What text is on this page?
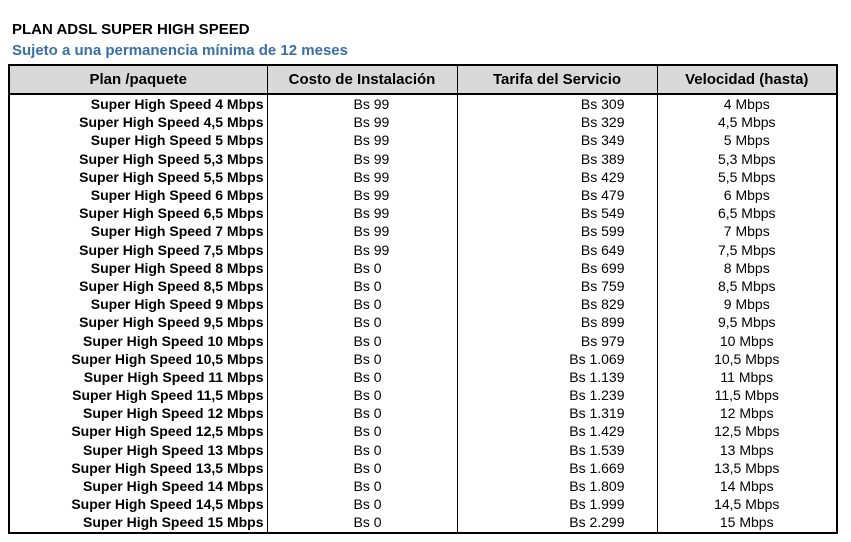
PLAN ADSL SUPER HIGH SPEED
Sujeto a una permanencia mínima de 12 meses
Plan /paquete	Costo de Instalación	Tarifa del Servicio	Velocidad (hasta)
Super High Speed 4 Mbps	Bs 99	Bs 309	4 Mbps
Super High Speed 4,5 Mbps	Bs 99	Bs 329	4,5 Mbps
Super High Speed 5 Mbps	Bs 99	Bs 349	5 Mbps
Super High Speed 5,3 Mbps	Bs 99	Bs 389	5,3 Mbps
Super High Speed 5,5 Mbps	Bs 99	Bs 429	5,5 Mbps
Super High Speed 6 Mbps	Bs 99	Bs 479	6 Mbps
Super High Speed 6,5 Mbps	Bs 99	Bs 549	6,5 Mbps
Super High Speed 7 Mbps	Bs 99	Bs 599	7 Mbps
Super High Speed 7,5 Mbps	Bs 99	Bs 649	7,5 Mbps
Super High Speed 8 Mbps	Bs 0	Bs 699	8 Mbps
Super High Speed 8,5 Mbps	Bs 0	Bs 759	8,5 Mbps
Super High Speed 9 Mbps	Bs 0	Bs 829	9 Mbps
Super High Speed 9,5 Mbps	Bs 0	Bs 899	9,5 Mbps
Super High Speed 10 Mbps	Bs 0	Bs 979	10 Mbps
Super High Speed 10,5 Mbps	Bs 0	Bs 1.069	10,5 Mbps
Super High Speed 11 Mbps	Bs 0	Bs 1.139	11 Mbps
Super High Speed 11,5 Mbps	Bs 0	Bs 1.239	11,5 Mbps
Super High Speed 12 Mbps	Bs 0	Bs 1.319	12 Mbps
Super High Speed 12,5 Mbps	Bs 0	Bs 1.429	12,5 Mbps
Super High Speed 13 Mbps	Bs 0	Bs 1.539	13 Mbps
Super High Speed 13,5 Mbps	Bs 0	Bs 1.669	13,5 Mbps
Super High Speed 14 Mbps	Bs 0	Bs 1.809	14 Mbps
Super High Speed 14,5 Mbps	Bs 0	Bs 1.999	14,5 Mbps
Super High Speed 15 Mbps	Bs 0	Bs 2.299	15 Mbps
